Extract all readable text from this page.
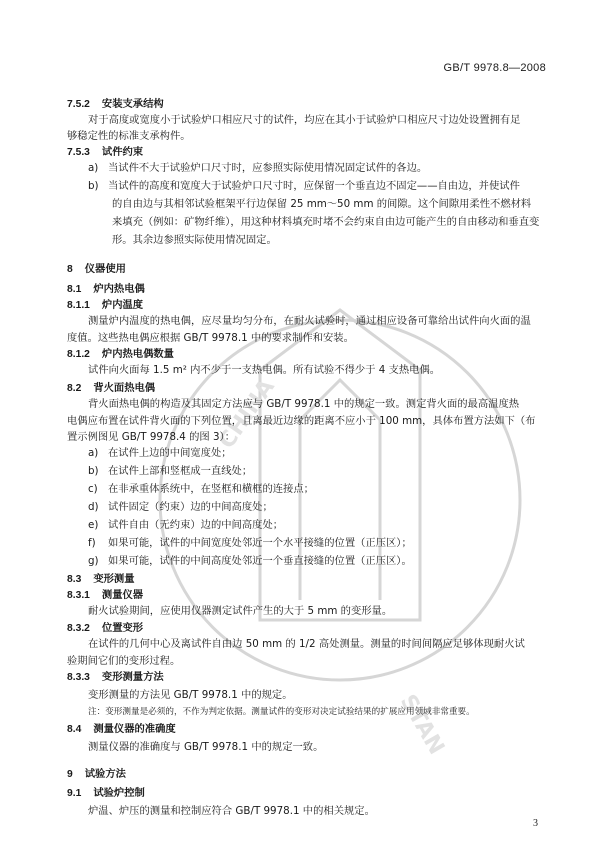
CHINA
STAN
GB/T 9978.8—2008
7.5.2 安装支承结构
对于高度或宽度小于试验炉口相应尺寸的试件，均应在其小于试验炉口相应尺寸边处设置拥有足
够稳定性的标准支承构件。
7.5.3 试件约束
a) 当试件不大于试验炉口尺寸时，应参照实际使用情况固定试件的各边。
b) 当试件的高度和宽度大于试验炉口尺寸时，应保留一个垂直边不固定——自由边，并使试件
的自由边与其相邻试验框架平行边保留 25 mm～50 mm 的间隙。这个间隙用柔性不燃材料
来填充（例如：矿物纤维），用这种材料填充时堵不会约束自由边可能产生的自由移动和垂直变
形。其余边参照实际使用情况固定。
8 仪器使用
8.1 炉内热电偶
8.1.1 炉内温度
测量炉内温度的热电偶，应尽量均匀分布，在耐火试验时，通过相应设备可靠给出试件向火面的温
度值。这些热电偶应根据 GB/T 9978.1 中的要求制作和安装。
8.1.2 炉内热电偶数量
试件向火面每 1.5 m² 内不少于一支热电偶。所有试验不得少于 4 支热电偶。
8.2 背火面热电偶
背火面热电偶的构造及其固定方法应与 GB/T 9978.1 中的规定一致。测定背火面的最高温度热
电偶应布置在试件背火面的下列位置，且离最近边缘的距离不应小于 100 mm，具体布置方法如下（布
置示例图见 GB/T 9978.4 的图 3）：
a) 在试件上边的中间宽度处；
b) 在试件上部和竖框成一直线处；
c) 在非承重体系统中，在竖框和横框的连接点；
d) 试件固定（约束）边的中间高度处；
e) 试件自由（无约束）边的中间高度处；
f) 如果可能，试件的中间宽度处邻近一个水平接缝的位置（正压区）；
g) 如果可能，试件的中间高度处邻近一个垂直接缝的位置（正压区）。
8.3 变形测量
8.3.1 测量仪器
耐火试验期间，应使用仪器测定试件产生的大于 5 mm 的变形量。
8.3.2 位置变形
在试件的几何中心及离试件自由边 50 mm 的 1/2 高处测量。测量的时间间隔应足够体现耐火试
验期间它们的变形过程。
8.3.3 变形测量方法
变形测量的方法见 GB/T 9978.1 中的规定。
注：变形测量是必须的，不作为判定依据。测量试件的变形对决定试验结果的扩展应用领域非常重要。
8.4 测量仪器的准确度
测量仪器的准确度与 GB/T 9978.1 中的规定一致。
9 试验方法
9.1 试验炉控制
炉温、炉压的测量和控制应符合 GB/T 9978.1 中的相关规定。
3
